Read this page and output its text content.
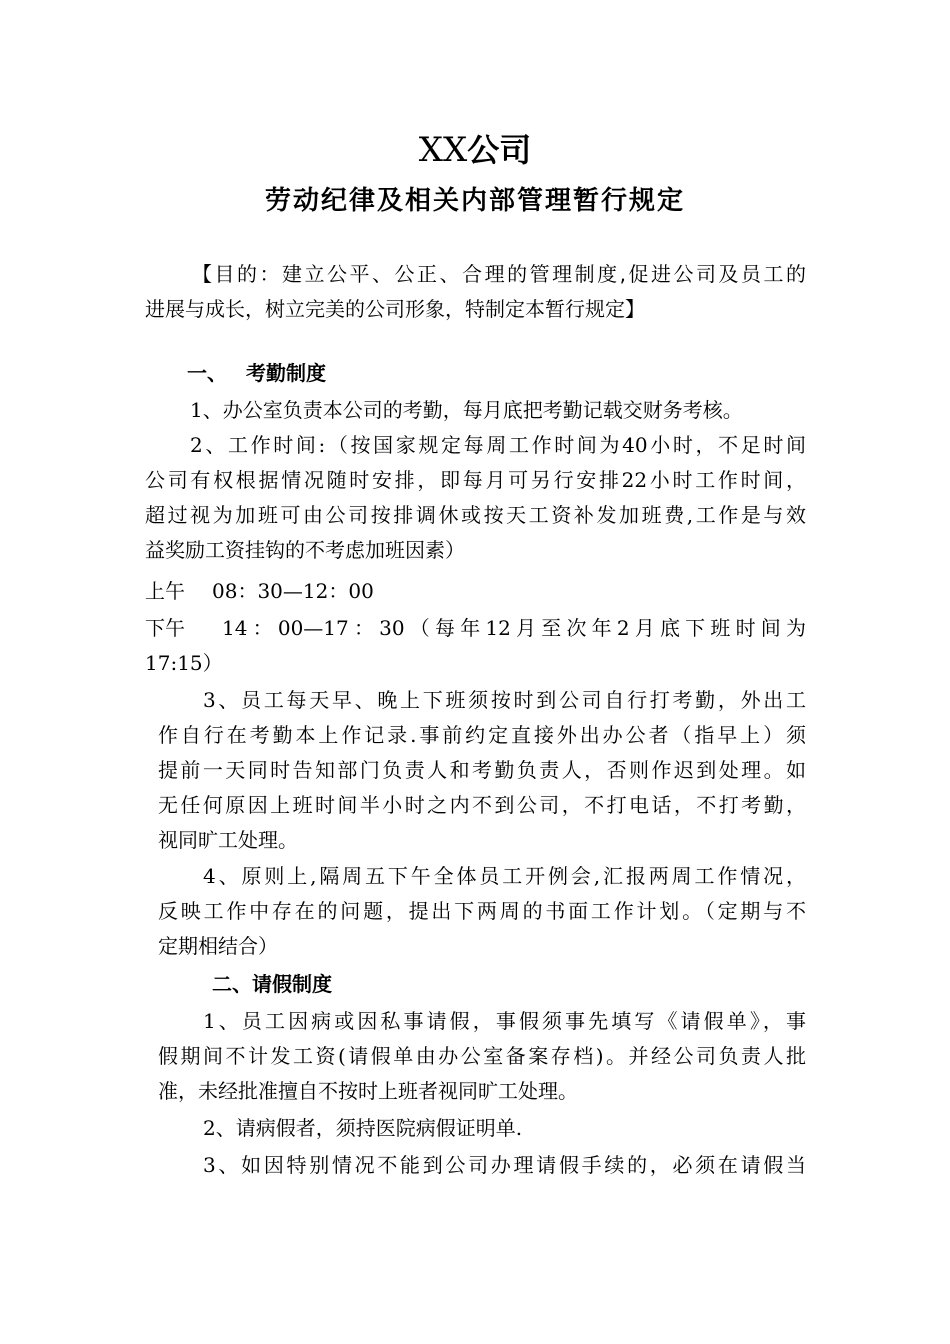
XX公司
劳动纪律及相关内部管理暂行规定
【目的：建立公平、公正、合理的管理制度,促进公司及员工的
进展与成长，树立完美的公司形象，特制定本暂行规定】
一、 考勤制度
1、办公室负责本公司的考勤，每月底把考勤记载交财务考核。
2、工作时间:（按国家规定每周工作时间为40小时，不足时间
公司有权根据情况随时安排，即每月可另行安排22小时工作时间，
超过视为加班可由公司按排调休或按天工资补发加班费,工作是与效
益奖励工资挂钩的不考虑加班因素）
上午 08：30—12：00
下午 14：00—17：30（每年12月至次年2月底下班时间为
17:15）
3、员工每天早、晚上下班须按时到公司自行打考勤，外出工
作自行在考勤本上作记录.事前约定直接外出办公者（指早上）须
提前一天同时告知部门负责人和考勤负责人，否则作迟到处理。如
无任何原因上班时间半小时之内不到公司，不打电话，不打考勤，
视同旷工处理。
4、原则上,隔周五下午全体员工开例会,汇报两周工作情况，
反映工作中存在的问题，提出下两周的书面工作计划。（定期与不
定期相结合）
二、请假制度
1、员工因病或因私事请假，事假须事先填写《请假单》，事
假期间不计发工资(请假单由办公室备案存档)。并经公司负责人批
准，未经批准擅自不按时上班者视同旷工处理。
2、请病假者，须持医院病假证明单.
3、如因特别情况不能到公司办理请假手续的，必须在请假当
